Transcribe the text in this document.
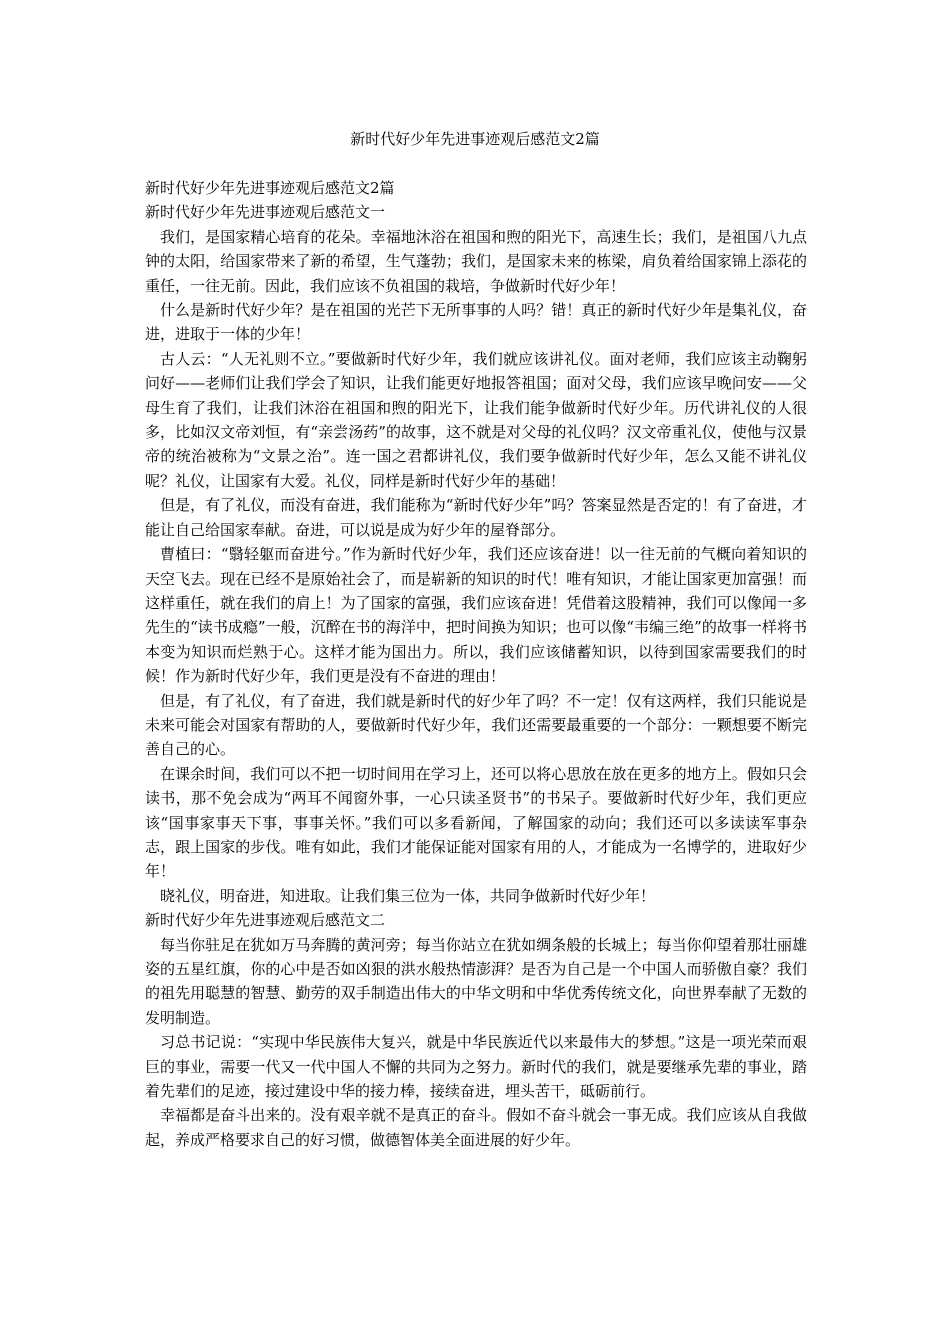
新时代好少年先进事迹观后感范文2篇

新时代好少年先进事迹观后感范文2篇

新时代好少年先进事迹观后感范文一

我们，是国家精心培育的花朵。幸福地沐浴在祖国和煦的阳光下，高速生长；我们，是祖国八九点钟的太阳，给国家带来了新的希望，生气蓬勃；我们，是国家未来的栋梁，肩负着给国家锦上添花的重任，一往无前。因此，我们应该不负祖国的栽培，争做新时代好少年！

什么是新时代好少年？是在祖国的光芒下无所事事的人吗？错！真正的新时代好少年是集礼仪，奋进，进取于一体的少年！

古人云：“人无礼则不立。”要做新时代好少年，我们就应该讲礼仪。面对老师，我们应该主动鞠躬问好——老师们让我们学会了知识，让我们能更好地报答祖国；面对父母，我们应该早晚问安——父母生育了我们，让我们沐浴在祖国和煦的阳光下，让我们能争做新时代好少年。历代讲礼仪的人很多，比如汉文帝刘恒，有“亲尝汤药”的故事，这不就是对父母的礼仪吗？汉文帝重礼仪，使他与汉景帝的统治被称为“文景之治”。连一国之君都讲礼仪，我们要争做新时代好少年，怎么又能不讲礼仪呢？礼仪，让国家有大爱。礼仪，同样是新时代好少年的基础！

但是，有了礼仪，而没有奋进，我们能称为“新时代好少年”吗？答案显然是否定的！有了奋进，才能让自己给国家奉献。奋进，可以说是成为好少年的屋脊部分。

曹植曰：“翳轻躯而奋进兮。”作为新时代好少年，我们还应该奋进！以一往无前的气概向着知识的天空飞去。现在已经不是原始社会了，而是崭新的知识的时代！唯有知识，才能让国家更加富强！而这样重任，就在我们的肩上！为了国家的富强，我们应该奋进！凭借着这股精神，我们可以像闻一多先生的“读书成瘾”一般，沉醉在书的海洋中，把时间换为知识；也可以像“韦编三绝”的故事一样将书本变为知识而烂熟于心。这样才能为国出力。所以，我们应该储蓄知识，以待到国家需要我们的时候！作为新时代好少年，我们更是没有不奋进的理由！

但是，有了礼仪，有了奋进，我们就是新时代的好少年了吗？不一定！仅有这两样，我们只能说是未来可能会对国家有帮助的人，要做新时代好少年，我们还需要最重要的一个部分：一颗想要不断完善自己的心。

在课余时间，我们可以不把一切时间用在学习上，还可以将心思放在放在更多的地方上。假如只会读书，那不免会成为“两耳不闻窗外事，一心只读圣贤书”的书呆子。要做新时代好少年，我们更应该“国事家事天下事，事事关怀。”我们可以多看新闻，了解国家的动向；我们还可以多读读军事杂志，跟上国家的步伐。唯有如此，我们才能保证能对国家有用的人，才能成为一名博学的，进取好少年！

晓礼仪，明奋进，知进取。让我们集三位为一体，共同争做新时代好少年！

新时代好少年先进事迹观后感范文二

每当你驻足在犹如万马奔腾的黄河旁；每当你站立在犹如绸条般的长城上；每当你仰望着那壮丽雄姿的五星红旗，你的心中是否如凶狠的洪水般热情澎湃？是否为自己是一个中国人而骄傲自豪？我们的祖先用聪慧的智慧、勤劳的双手制造出伟大的中华文明和中华优秀传统文化，向世界奉献了无数的发明制造。

习总书记说：“实现中华民族伟大复兴，就是中华民族近代以来最伟大的梦想。”这是一项光荣而艰巨的事业，需要一代又一代中国人不懈的共同为之努力。新时代的我们，就是要继承先辈的事业，踏着先辈们的足迹，接过建设中华的接力棒，接续奋进，埋头苦干，砥砺前行。

幸福都是奋斗出来的。没有艰辛就不是真正的奋斗。假如不奋斗就会一事无成。我们应该从自我做起，养成严格要求自己的好习惯，做德智体美全面进展的好少年。
